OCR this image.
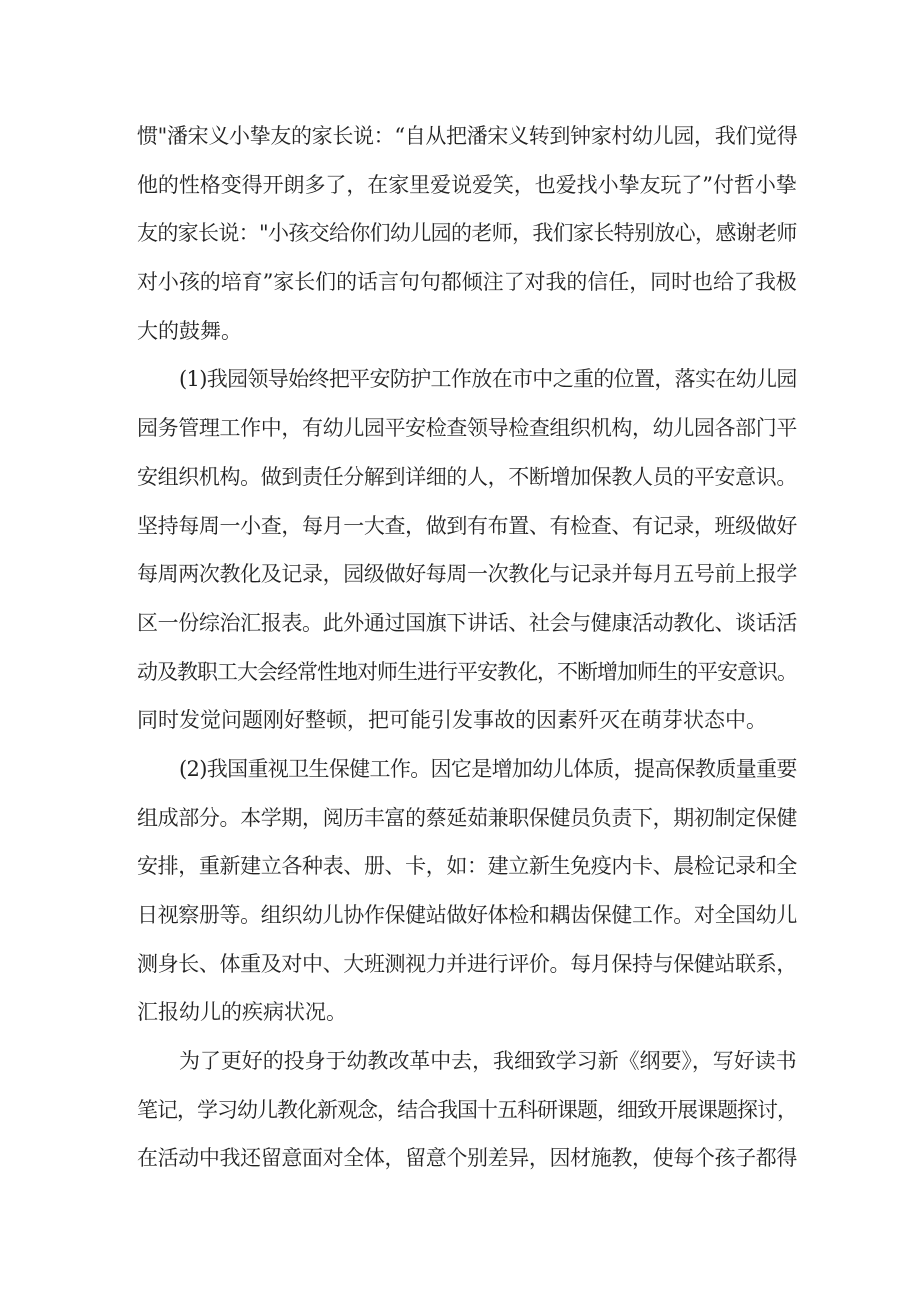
惯"潘宋义小挚友的家长说：“自从把潘宋义转到钟家村幼儿园，我们觉得
他的性格变得开朗多了，在家里爱说爱笑，也爱找小挚友玩了”付哲小挚
友的家长说："小孩交给你们幼儿园的老师，我们家长特别放心，感谢老师
对小孩的培育”家长们的话言句句都倾注了对我的信任，同时也给了我极
大的鼓舞。
(1)我园领导始终把平安防护工作放在市中之重的位置，落实在幼儿园
园务管理工作中，有幼儿园平安检查领导检查组织机构，幼儿园各部门平
安组织机构。做到责任分解到详细的人，不断增加保教人员的平安意识。
坚持每周一小查，每月一大查，做到有布置、有检查、有记录，班级做好
每周两次教化及记录，园级做好每周一次教化与记录并每月五号前上报学
区一份综治汇报表。此外通过国旗下讲话、社会与健康活动教化、谈话活
动及教职工大会经常性地对师生进行平安教化，不断增加师生的平安意识。
同时发觉问题刚好整顿，把可能引发事故的因素歼灭在萌芽状态中。
(2)我国重视卫生保健工作。因它是增加幼儿体质，提高保教质量重要
组成部分。本学期，阅历丰富的蔡延茹兼职保健员负责下，期初制定保健
安排，重新建立各种表、册、卡，如：建立新生免疫内卡、晨检记录和全
日视察册等。组织幼儿协作保健站做好体检和耦齿保健工作。对全国幼儿
测身长、体重及对中、大班测视力并进行评价。每月保持与保健站联系，
汇报幼儿的疾病状况。
为了更好的投身于幼教改革中去，我细致学习新《纲要》，写好读书
笔记，学习幼儿教化新观念，结合我国十五科研课题，细致开展课题探讨，
在活动中我还留意面对全体，留意个别差异，因材施教，使每个孩子都得
